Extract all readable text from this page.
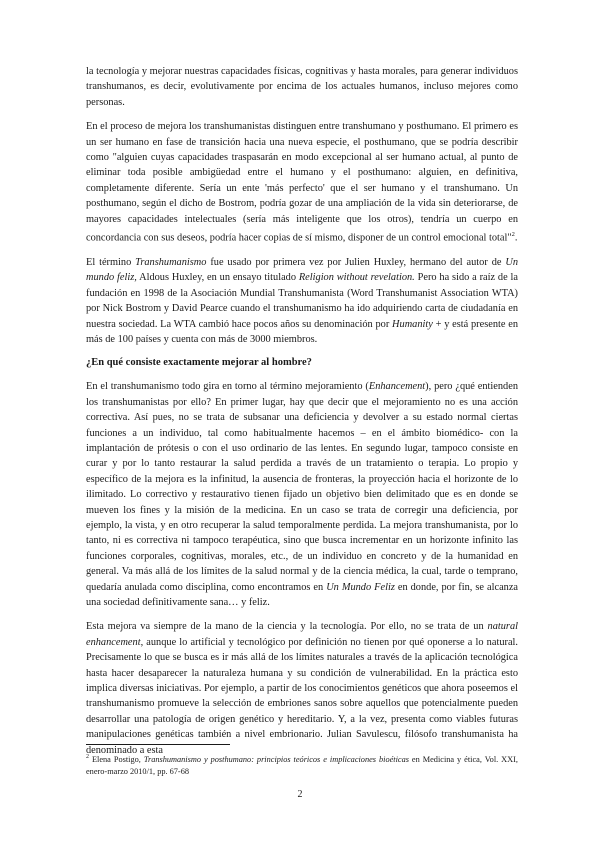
la tecnología y mejorar nuestras capacidades físicas, cognitivas y hasta morales, para generar individuos transhumanos, es decir, evolutivamente por encima de los actuales humanos, incluso mejores como personas.

En el proceso de mejora los transhumanistas distinguen entre transhumano y posthumano. El primero es un ser humano en fase de transición hacia una nueva especie, el posthumano, que se podría describir como "alguien cuyas capacidades traspasarán en modo excepcional al ser humano actual, al punto de eliminar toda posible ambigüedad entre el humano y el posthumano: alguien, en definitiva, completamente diferente. Sería un ente 'más perfecto' que el ser humano y el transhumano. Un posthumano, según el dicho de Bostrom, podría gozar de una ampliación de la vida sin deteriorarse, de mayores capacidades intelectuales (sería más inteligente que los otros), tendría un cuerpo en concordancia con sus deseos, podría hacer copias de sí mismo, disponer de un control emocional total"$^2$.

El término Transhumanismo fue usado por primera vez por Julien Huxley, hermano del autor de Un mundo feliz, Aldous Huxley, en un ensayo titulado Religion without revelation. Pero ha sido a raíz de la fundación en 1998 de la Asociación Mundial Transhumanista (Word Transhumanist Association WTA) por Nick Bostrom y David Pearce cuando el transhumanismo ha ido adquiriendo carta de ciudadanía en nuestra sociedad. La WTA cambió hace pocos años su denominación por Humanity + y está presente en más de 100 países y cuenta con más de 3000 miembros.

¿En qué consiste exactamente mejorar al hombre?

En el transhumanismo todo gira en torno al término mejoramiento (Enhancement), pero ¿qué entienden los transhumanistas por ello? En primer lugar, hay que decir que el mejoramiento no es una acción correctiva. Así pues, no se trata de subsanar una deficiencia y devolver a su estado normal ciertas funciones a un individuo, tal como habitualmente hacemos – en el ámbito biomédico- con la implantación de prótesis o con el uso ordinario de las lentes. En segundo lugar, tampoco consiste en curar y por lo tanto restaurar la salud perdida a través de un tratamiento o terapia. Lo propio y específico de la mejora es la infinitud, la ausencia de fronteras, la proyección hacia el horizonte de lo ilimitado. Lo correctivo y restaurativo tienen fijado un objetivo bien delimitado que es en donde se mueven los fines y la misión de la medicina. En un caso se trata de corregir una deficiencia, por ejemplo, la vista, y en otro recuperar la salud temporalmente perdida. La mejora transhumanista, por lo tanto, ni es correctiva ni tampoco terapéutica, sino que busca incrementar en un horizonte infinito las funciones corporales, cognitivas, morales, etc., de un individuo en concreto y de la humanidad en general. Va más allá de los límites de la salud normal y de la ciencia médica, la cual, tarde o temprano, quedaría anulada como disciplina, como encontramos en Un Mundo Feliz en donde, por fin, se alcanza una sociedad definitivamente sana… y feliz.

Esta mejora va siempre de la mano de la ciencia y la tecnología. Por ello, no se trata de un natural enhancement, aunque lo artificial y tecnológico por definición no tienen por qué oponerse a lo natural. Precisamente lo que se busca es ir más allá de los límites naturales a través de la aplicación tecnológica hasta hacer desaparecer la naturaleza humana y su condición de vulnerabilidad. En la práctica esto implica diversas iniciativas. Por ejemplo, a partir de los conocimientos genéticos que ahora poseemos el transhumanismo promueve la selección de embriones sanos sobre aquellos que potencialmente pueden desarrollar una patología de origen genético y hereditario. Y, a la vez, presenta como viables futuras manipulaciones genéticas también a nivel embrionario. Julian Savulescu, filósofo transhumanista ha denominado a esta

$^2$ Elena Postigo, Transhumanismo y posthumano: principios teóricos e implicaciones bioéticas en Medicina y ética, Vol. XXI, enero-marzo 2010/1, pp. 67-68
2
